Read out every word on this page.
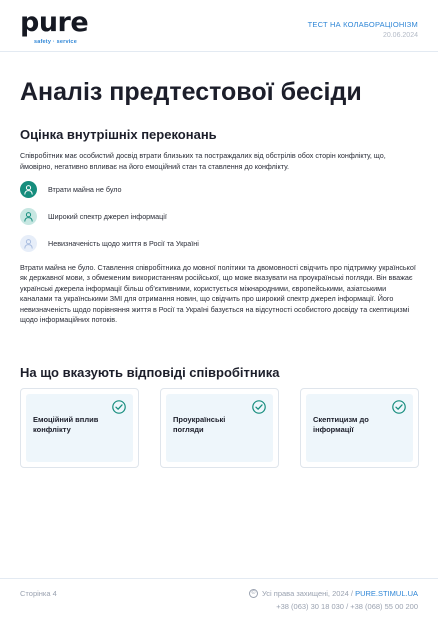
pure
safety · service
ТЕСТ НА КОЛАБОРАЦІОНІЗМ
20.06.2024
Аналіз предтестової бесіди
Оцінка внутрішніх переконань

Співробітник має особистий досвід втрати близьких та постраждалих від обстрілів обох сторін конфлікту, що, ймовірно, негативно впливає на його емоційний стан та ставлення до конфлікту.

Втрати майна не було
Широкий спектр джерел інформації
Невизначеність щодо життя в Росії та Україні

Втрати майна не було. Ставлення співробітника до мовної політики та двомовності свідчить про підтримку української як державної мови, з обмеженим використанням російської, що може вказувати на проукраїнські погляди. Він вважає українські джерела інформації більш об'єктивними, користується міжнародними, європейськими, азіатськими каналами та українськими ЗМІ для отримання новин, що свідчить про широкий спектр джерел інформації. Його невизначеність щодо порівняння життя в Росії та Україні базується на відсутності особистого досвіду та скептицизмі щодо інформаційних потоків.

На що вказують відповіді співробітника
Емоційний вплив конфлікту
Проукраїнські погляди
Скептицизм до інформації
Сторінка 4	© Усі права захищені, 2024 / PURE.STIMUL.UA
+38 (063) 30 18 030 / +38 (068) 55 00 200
